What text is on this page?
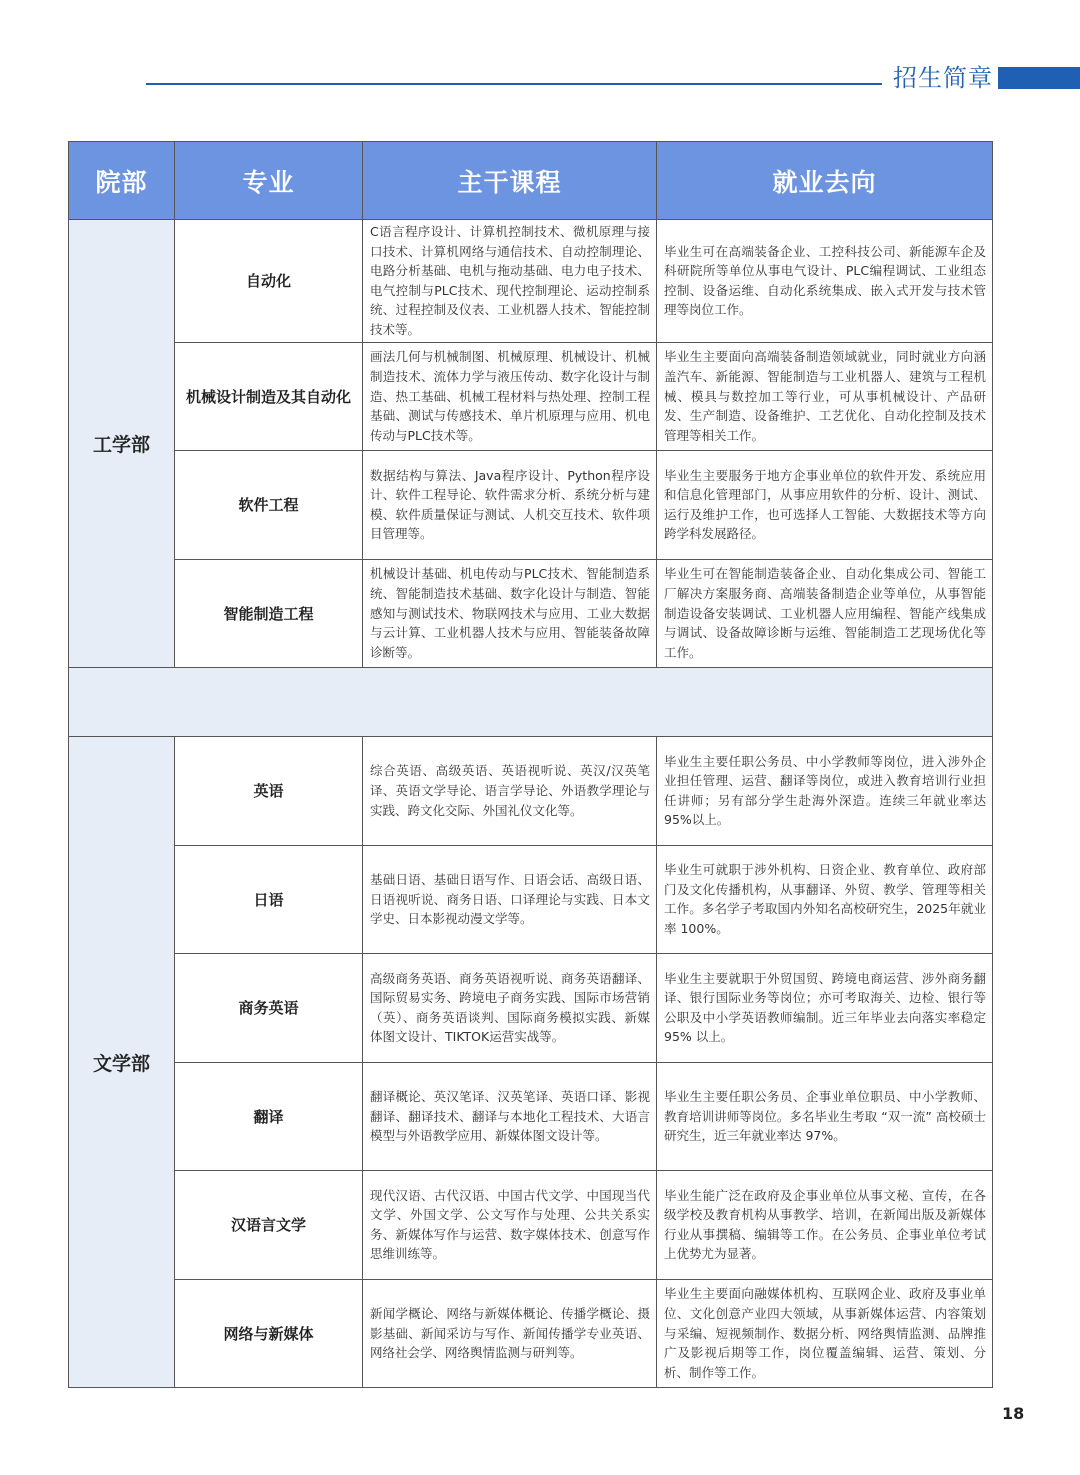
招生简章
院部	专业	主干课程	就业去向
工学部	自动化	C语言程序设计、计算机控制技术、微机原理与接口技术、计算机网络与通信技术、自动控制理论、电路分析基础、电机与拖动基础、电力电子技术、电气控制与PLC技术、现代控制理论、运动控制系统、过程控制及仪表、工业机器人技术、智能控制技术等。	毕业生可在高端装备企业、工控科技公司、新能源车企及科研院所等单位从事电气设计、PLC编程调试、工业组态控制、设备运维、自动化系统集成、嵌入式开发与技术管理等岗位工作。
	机械设计制造及其自动化	画法几何与机械制图、机械原理、机械设计、机械制造技术、流体力学与液压传动、数字化设计与制造、热工基础、机械工程材料与热处理、控制工程基础、测试与传感技术、单片机原理与应用、机电传动与PLC技术等。	毕业生主要面向高端装备制造领域就业，同时就业方向涵盖汽车、新能源、智能制造与工业机器人、建筑与工程机械、模具与数控加工等行业，可从事机械设计、产品研发、生产制造、设备维护、工艺优化、自动化控制及技术管理等相关工作。
	软件工程	数据结构与算法、Java程序设计、Python程序设计、软件工程导论、软件需求分析、系统分析与建模、软件质量保证与测试、人机交互技术、软件项目管理等。	毕业生主要服务于地方企事业单位的软件开发、系统应用和信息化管理部门，从事应用软件的分析、设计、测试、运行及维护工作，也可选择人工智能、大数据技术等方向跨学科发展路径。
	智能制造工程	机械设计基础、机电传动与PLC技术、智能制造系统、智能制造技术基础、数字化设计与制造、智能感知与测试技术、物联网技术与应用、工业大数据与云计算、工业机器人技术与应用、智能装备故障诊断等。	毕业生可在智能制造装备企业、自动化集成公司、智能工厂解决方案服务商、高端装备制造企业等单位，从事智能制造设备安装调试、工业机器人应用编程、智能产线集成与调试、设备故障诊断与运维、智能制造工艺现场优化等工作。

文学部	英语	综合英语、高级英语、英语视听说、英汉/汉英笔译、英语文学导论、语言学导论、外语教学理论与实践、跨文化交际、外国礼仪文化等。	毕业生主要任职公务员、中小学教师等岗位，进入涉外企业担任管理、运营、翻译等岗位，或进入教育培训行业担任讲师；另有部分学生赴海外深造。连续三年就业率达95%以上。
	日语	基础日语、基础日语写作、日语会话、高级日语、日语视听说、商务日语、口译理论与实践、日本文学史、日本影视动漫文学等。	毕业生可就职于涉外机构、日资企业、教育单位、政府部门及文化传播机构，从事翻译、外贸、教学、管理等相关工作。多名学子考取国内外知名高校研究生，2025年就业率 100%。
	商务英语	高级商务英语、商务英语视听说、商务英语翻译、国际贸易实务、跨境电子商务实践、国际市场营销（英）、商务英语谈判、国际商务模拟实践、新媒体图文设计、TIKTOK运营实战等。	毕业生主要就职于外贸国贸、跨境电商运营、涉外商务翻译、银行国际业务等岗位；亦可考取海关、边检、银行等公职及中小学英语教师编制。近三年毕业去向落实率稳定95% 以上。
	翻译	翻译概论、英汉笔译、汉英笔译、英语口译、影视翻译、翻译技术、翻译与本地化工程技术、大语言模型与外语教学应用、新媒体图文设计等。	毕业生主要任职公务员、企事业单位职员、中小学教师、教育培训讲师等岗位。多名毕业生考取 “双一流” 高校硕士研究生，近三年就业率达 97%。
	汉语言文学	现代汉语、古代汉语、中国古代文学、中国现当代文学、外国文学、公文写作与处理、公共关系实务、新媒体写作与运营、数字媒体技术、创意写作思维训练等。	毕业生能广泛在政府及企事业单位从事文秘、宣传，在各级学校及教育机构从事教学、培训，在新闻出版及新媒体行业从事撰稿、编辑等工作。在公务员、企事业单位考试上优势尤为显著。
	网络与新媒体	新闻学概论、网络与新媒体概论、传播学概论、摄影基础、新闻采访与写作、新闻传播学专业英语、网络社会学、网络舆情监测与研判等。	毕业生主要面向融媒体机构、互联网企业、政府及事业单位、文化创意产业四大领域，从事新媒体运营、内容策划与采编、短视频制作、数据分析、网络舆情监测、品牌推广及影视后期等工作，岗位覆盖编辑、运营、策划、分析、制作等工作。
18
